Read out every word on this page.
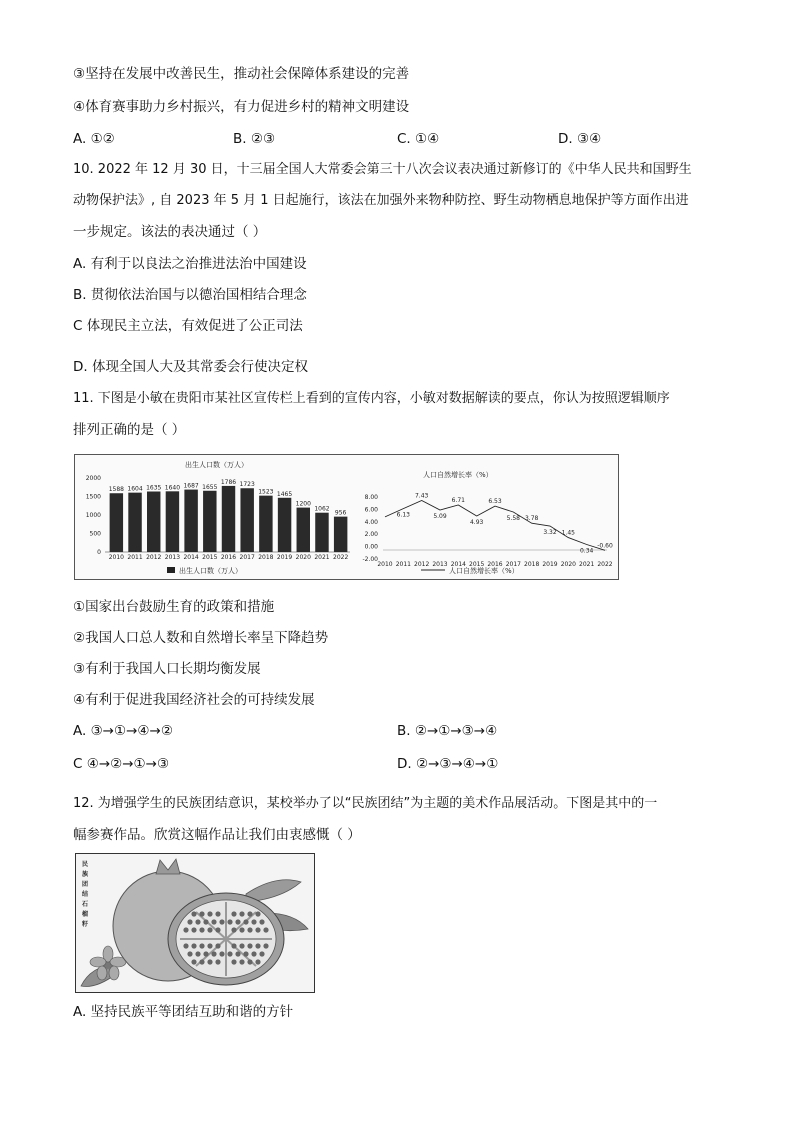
③坚持在发展中改善民生，推动社会保障体系建设的完善
④体育赛事助力乡村振兴，有力促进乡村的精神文明建设
A. ①②	B. ②③	C. ①④	D. ③④
10. 2022 年 12 月 30 日，十三届全国人大常委会第三十八次会议表决通过新修订的《中华人民共和国野生
动物保护法》, 自 2023 年 5 月 1 日起施行，该法在加强外来物种防控、野生动物栖息地保护等方面作出进
一步规定。该法的表决通过（ ）
A. 有利于以良法之治推进法治中国建设
B. 贯彻依法治国与以德治国相结合理念
C 体现民主立法，有效促进了公正司法
D. 体现全国人大及其常委会行使决定权
11. 下图是小敏在贵阳市某社区宣传栏上看到的宣传内容，小敏对数据解读的要点，你认为按照逻辑顺序
排列正确的是（ ）
出生人口数（万人）
2000
1500
1000
500
0
1588 1604 1635 1640 1687 1655
1786 1723
1523 1465
1200
1062
956
2010 2011 2012 2013 2014 2015 2016 2017 2018 2019 2020 2021 2022
出生人口数（万人）
人口自然增长率（%）
8.00
6.00
4.00
2.00
0.00
-2.00
6.13
7.43
5.09
6.71
4.93
6.53
5.58 3.78
3.32 1.45
0.34
-0.60
2010 2011 2012 2013 2014 2015 2016 2017 2018 2019 2020 2021 2022
人口自然增长率（%）
①国家出台鼓励生育的政策和措施
②我国人口总人数和自然增长率呈下降趋势
③有利于我国人口长期均衡发展
④有利于促进我国经济社会的可持续发展
A. ③→①→④→②	B. ②→①→③→④
C ④→②→①→③	D. ②→③→④→①
12. 为增强学生的民族团结意识，某校举办了以“民族团结”为主题的美术作品展活动。下图是其中的一
幅参赛作品。欣赏这幅作品让我们由衷感慨（ ）
民
族
团
结
石
榴
籽
A. 坚持民族平等团结互助和谐的方针
